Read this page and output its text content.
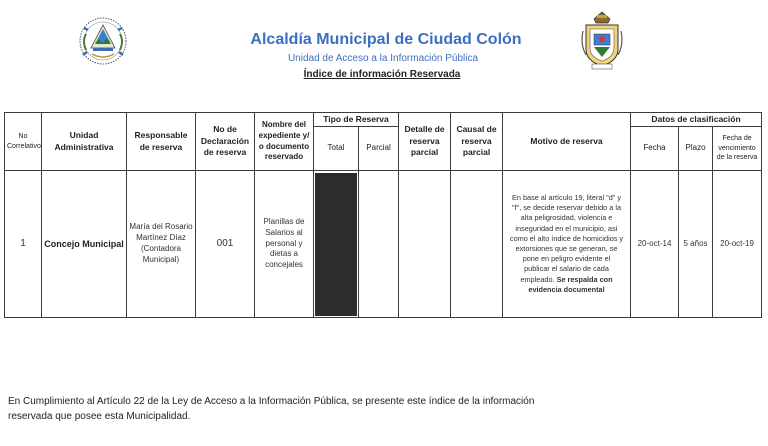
Alcaldía Municipal de Ciudad Colón
Unidad de Acceso a la Información Pública
Índice de información Reservada
No Correlativo	Unidad Administrativa	Responsable de reserva	No de Declaración de reserva	Nombre del expediente y/ o documento reservado	Tipo de Reserva		Detalle de reserva parcial	Causal de reserva parcial	Motivo de reserva	Datos de clasificación		
					Total	Parcial				Fecha	Plazo	Fecha de vencimiento de la reserva
1	Concejo Municipal	María del Rosario Martínez Díaz (Contadora Municipal)	001	Planillas de Salarios al personal y dietas a concejales					En base al artículo 19, literal "d" y "f", se decide reservar debido a la alta peligrosidad, violencia e inseguridad en el municipio, así como el alto índice de homicidios y extorsiones que se generan, se pone en peligro evidente el publicar el salario de cada empleado. Se respalda con evidencia documental	20-oct-14	5 años	20-oct-19
En Cumplimiento al Artículo 22 de la Ley de Acceso a la Información Pública, se presente este índice de la información reservada que posee esta Municipalidad.
